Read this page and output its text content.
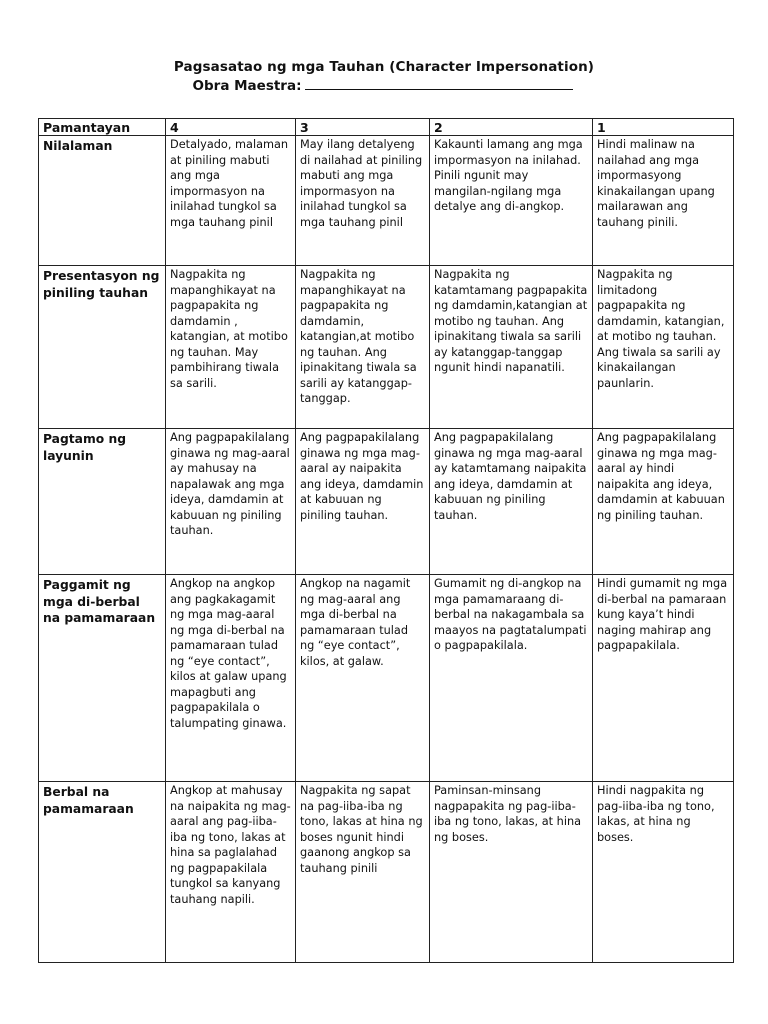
Pagsasatao ng mga Tauhan (Character Impersonation)
Obra Maestra:
Pamantayan	4	3	2	1
Nilalaman	Detalyado, malaman at piniling mabuti ang mga impormasyon na inilahad tungkol sa mga tauhang pinil	May ilang detalyeng di nailahad at piniling mabuti ang mga impormasyon na inilahad tungkol sa mga tauhang pinil	Kakaunti lamang ang mga impormasyon na inilahad. Pinili ngunit may mangilan-ngilang mga detalye ang di-angkop.	Hindi malinaw na nailahad ang mga impormasyong kinakailangan upang mailarawan ang tauhang pinili.
Presentasyon ng piniling tauhan	Nagpakita ng mapanghikayat na pagpapakita ng damdamin , katangian, at motibo ng tauhan. May pambihirang tiwala sa sarili.	Nagpakita ng mapanghikayat na pagpapakita ng damdamin, katangian,at motibo ng tauhan. Ang ipinakitang tiwala sa sarili ay katanggap-tanggap.	Nagpakita ng katamtamang pagpapakita ng damdamin,katangian at motibo ng tauhan. Ang ipinakitang tiwala sa sarili ay katanggap-tanggap ngunit hindi napanatili.	Nagpakita ng limitadong pagpapakita ng damdamin, katangian, at motibo ng tauhan. Ang tiwala sa sarili ay kinakailangan paunlarin.
Pagtamo ng layunin	Ang pagpapakilalang ginawa ng mag-aaral ay mahusay na napalawak ang mga ideya, damdamin at kabuuan ng piniling tauhan.	Ang pagpapakilalang ginawa ng mga mag-aaral ay naipakita ang ideya, damdamin at kabuuan ng piniling tauhan.	Ang pagpapakilalang ginawa ng mga mag-aaral ay katamtamang naipakita ang ideya, damdamin at kabuuan ng piniling tauhan.	Ang pagpapakilalang ginawa ng mga mag-aaral ay hindi naipakita ang ideya, damdamin at kabuuan ng piniling tauhan.
Paggamit ng mga di-berbal na pamamaraan	Angkop na angkop ang pagkakagamit ng mga mag-aaral ng mga di-berbal na pamamaraan tulad ng “eye contact”, kilos at galaw upang mapagbuti ang pagpapakilala o talumpating ginawa.	Angkop na nagamit ng mag-aaral ang mga di-berbal na pamamaraan tulad ng “eye contact”, kilos, at galaw.	Gumamit ng di-angkop na mga pamamaraang di-berbal na nakagambala sa maayos na pagtatalumpati o pagpapakilala.	Hindi gumamit ng mga di-berbal na pamaraan kung kaya’t hindi naging mahirap ang pagpapakilala.
Berbal na pamamaraan	Angkop at mahusay na naipakita ng mag-aaral ang pag-iiba-iba ng tono, lakas at hina sa paglalahad ng pagpapakilala tungkol sa kanyang tauhang napili.	Nagpakita ng sapat na pag-iiba-iba ng tono, lakas at hina ng boses ngunit hindi gaanong angkop sa tauhang pinili	Paminsan-minsang nagpapakita ng pag-iiba-iba ng tono, lakas, at hina ng boses.	Hindi nagpakita ng pag-iiba-iba ng tono, lakas, at hina ng boses.
